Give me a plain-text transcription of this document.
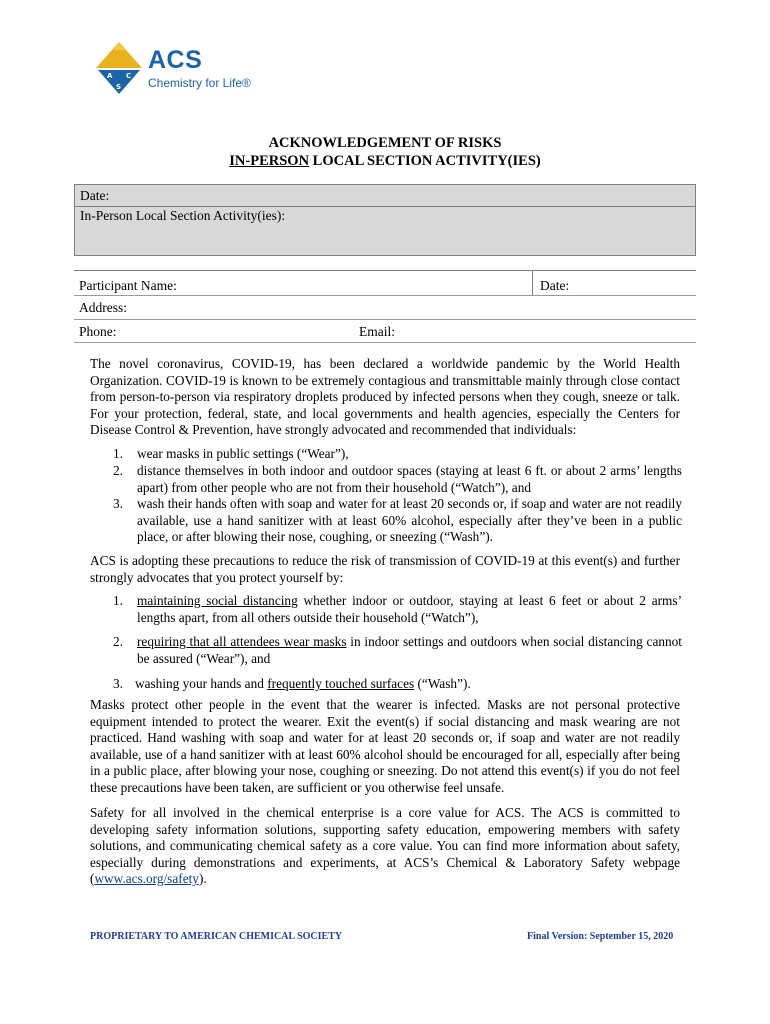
A C
S
ACS
Chemistry for Life®
ACKNOWLEDGEMENT OF RISKS
IN-PERSON LOCAL SECTION ACTIVITY(IES)
Date:
In-Person Local Section Activity(ies):
Participant Name:	Date:
Address:
Phone:	Email:
The novel coronavirus, COVID-19, has been declared a worldwide pandemic by the World Health Organization. COVID-19 is known to be extremely contagious and transmittable mainly through close contact from person-to-person via respiratory droplets produced by infected persons when they cough, sneeze or talk. For your protection, federal, state, and local governments and health agencies, especially the Centers for Disease Control & Prevention, have strongly advocated and recommended that individuals:
1. wear masks in public settings (“Wear”),
2. distance themselves in both indoor and outdoor spaces (staying at least 6 ft. or about 2 arms’ lengths apart) from other people who are not from their household (“Watch”), and
3. wash their hands often with soap and water for at least 20 seconds or, if soap and water are not readily available, use a hand sanitizer with at least 60% alcohol, especially after they’ve been in a public place, or after blowing their nose, coughing, or sneezing (“Wash”).
ACS is adopting these precautions to reduce the risk of transmission of COVID-19 at this event(s) and further strongly advocates that you protect yourself by:
1. maintaining social distancing whether indoor or outdoor, staying at least 6 feet or about 2 arms’ lengths apart, from all others outside their household (“Watch”),
2. requiring that all attendees wear masks in indoor settings and outdoors when social distancing cannot be assured (“Wear”), and
3. washing your hands and frequently touched surfaces (“Wash”).
Masks protect other people in the event that the wearer is infected. Masks are not personal protective equipment intended to protect the wearer. Exit the event(s) if social distancing and mask wearing are not practiced. Hand washing with soap and water for at least 20 seconds or, if soap and water are not readily available, use of a hand sanitizer with at least 60% alcohol should be encouraged for all, especially after being in a public place, after blowing your nose, coughing or sneezing. Do not attend this event(s) if you do not feel these precautions have been taken, are sufficient or you otherwise feel unsafe.
Safety for all involved in the chemical enterprise is a core value for ACS. The ACS is committed to developing safety information solutions, supporting safety education, empowering members with safety solutions, and communicating chemical safety as a core value. You can find more information about safety, especially during demonstrations and experiments, at ACS’s Chemical & Laboratory Safety webpage (www.acs.org/safety).
PROPRIETARY TO AMERICAN CHEMICAL SOCIETY	Final Version: September 15, 2020
